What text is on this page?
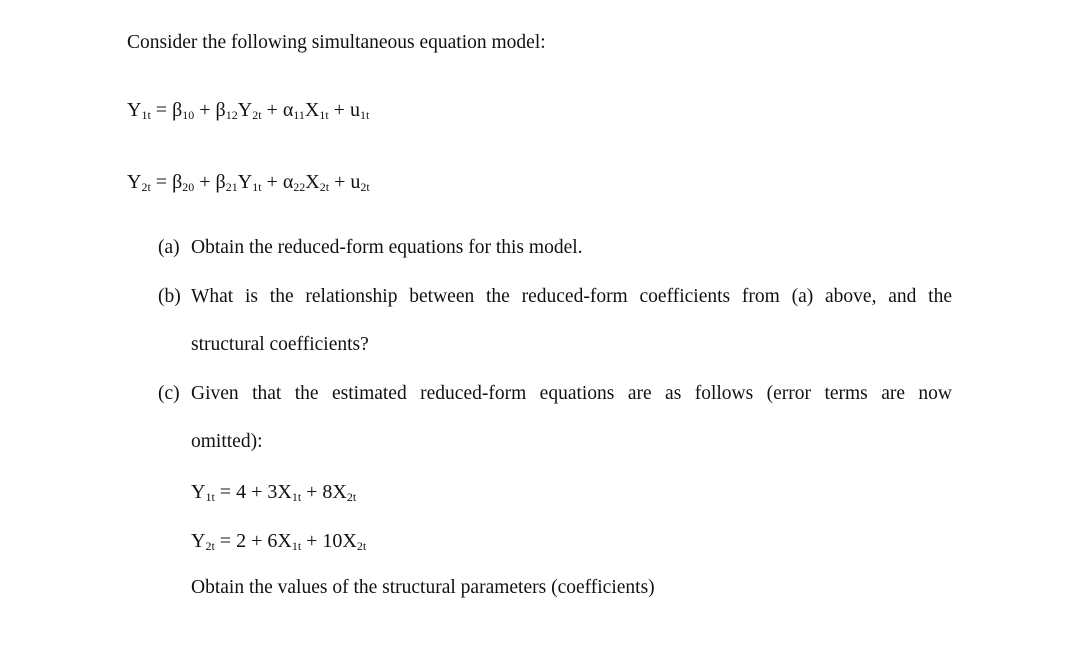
Consider the following simultaneous equation model:
$Y_{1t} = \beta_{10} + \beta_{12}Y_{2t} + \alpha_{11}X_{1t} + u_{1t}$
$Y_{2t} = \beta_{20} + \beta_{21}Y_{1t} + \alpha_{22}X_{2t} + u_{2t}$
(a) Obtain the reduced-form equations for this model.
(b) What is the relationship between the reduced-form coefficients from (a) above, and the
structural coefficients?
(c) Given that the estimated reduced-form equations are as follows (error terms are now
omitted):
$Y_{1t} = 4 + 3X_{1t} + 8X_{2t}$
$Y_{2t} = 2 + 6X_{1t} + 10X_{2t}$
Obtain the values of the structural parameters (coefficients)
